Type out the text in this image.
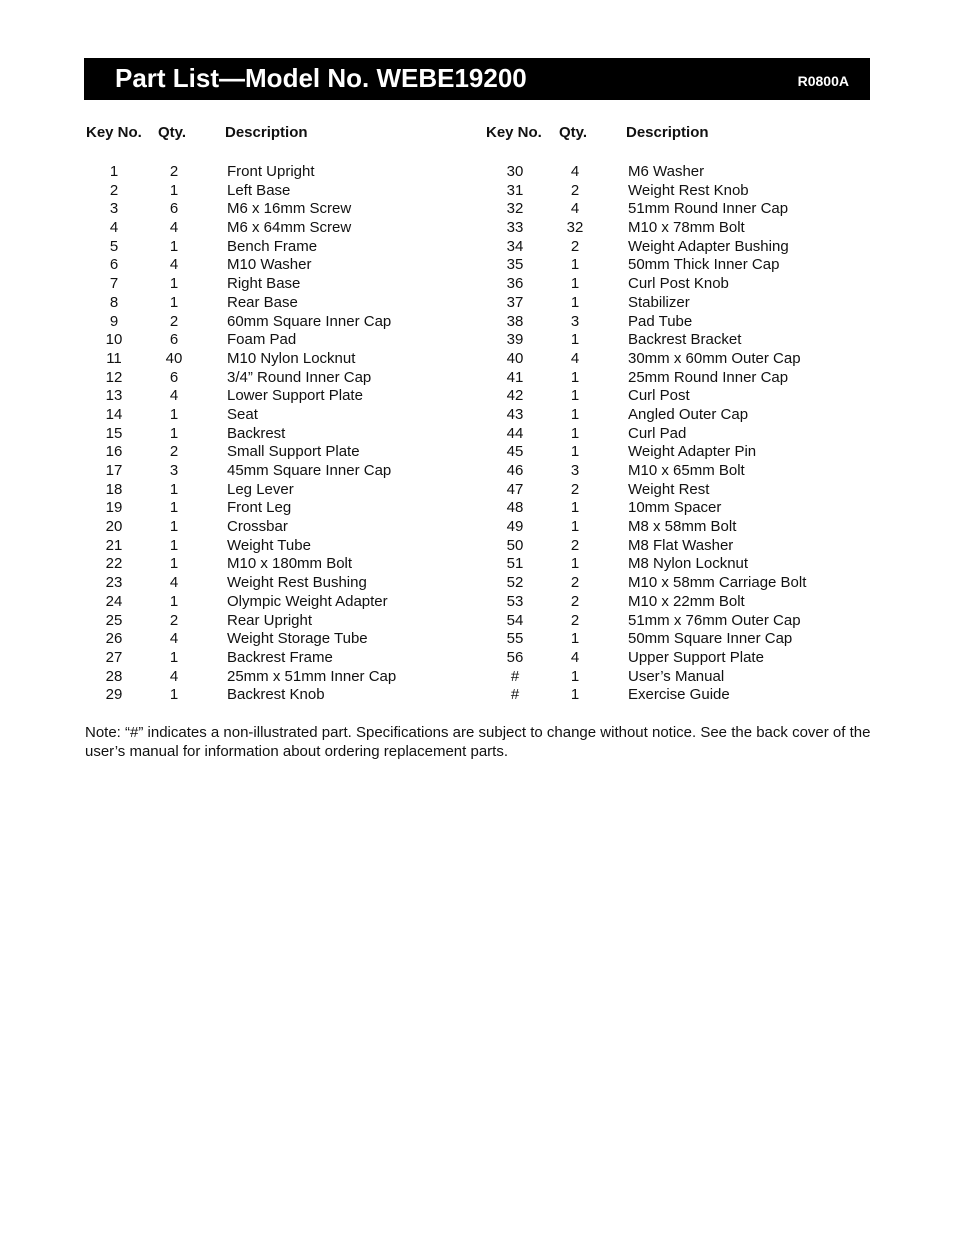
Part List—Model No. WEBE19200	R0800A
Key No. Qty.	Description	Key No. Qty.	Description
1	2	Front Upright
2	1	Left Base
3	6	M6 x 16mm Screw
4	4	M6 x 64mm Screw
5	1	Bench Frame
6	4	M10 Washer
7	1	Right Base
8	1	Rear Base
9	2	60mm Square Inner Cap
10	6	Foam Pad
11	40	M10 Nylon Locknut
12	6	3/4” Round Inner Cap
13	4	Lower Support Plate
14	1	Seat
15	1	Backrest
16	2	Small Support Plate
17	3	45mm Square Inner Cap
18	1	Leg Lever
19	1	Front Leg
20	1	Crossbar
21	1	Weight Tube
22	1	M10 x 180mm Bolt
23	4	Weight Rest Bushing
24	1	Olympic Weight Adapter
25	2	Rear Upright
26	4	Weight Storage Tube
27	1	Backrest Frame
28	4	25mm x 51mm Inner Cap
29	1	Backrest Knob
30	4	M6 Washer
31	2	Weight Rest Knob
32	4	51mm Round Inner Cap
33	32	M10 x 78mm Bolt
34	2	Weight Adapter Bushing
35	1	50mm Thick Inner Cap
36	1	Curl Post Knob
37	1	Stabilizer
38	3	Pad Tube
39	1	Backrest Bracket
40	4	30mm x 60mm Outer Cap
41	1	25mm Round Inner Cap
42	1	Curl Post
43	1	Angled Outer Cap
44	1	Curl Pad
45	1	Weight Adapter Pin
46	3	M10 x 65mm Bolt
47	2	Weight Rest
48	1	10mm Spacer
49	1	M8 x 58mm Bolt
50	2	M8 Flat Washer
51	1	M8 Nylon Locknut
52	2	M10 x 58mm Carriage Bolt
53	2	M10 x 22mm Bolt
54	2	51mm x 76mm Outer Cap
55	1	50mm Square Inner Cap
56	4	Upper Support Plate
#	1	User’s Manual
#	1	Exercise Guide
Note: “#” indicates a non-illustrated part. Specifications are subject to change without notice. See the back cover of the user’s manual for information about ordering replacement parts.
